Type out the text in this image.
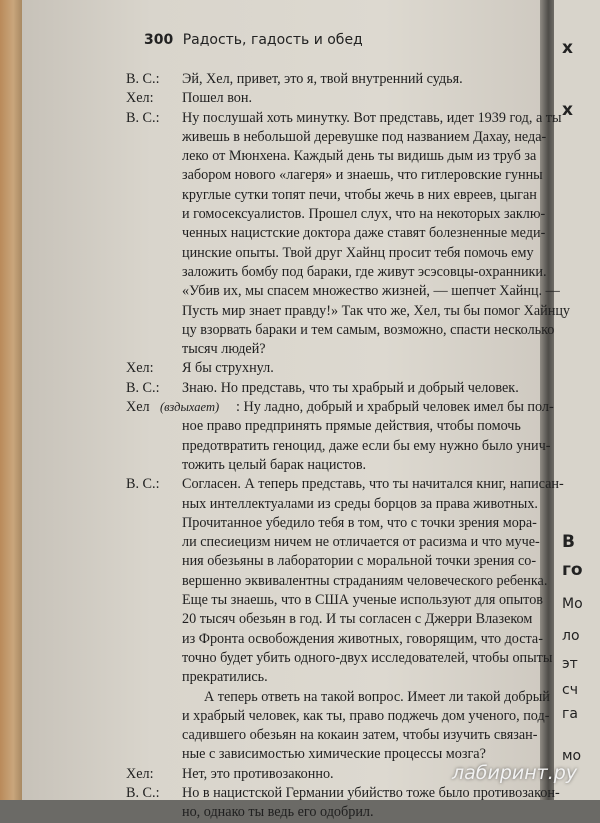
х
х
В
го
Мо
ло
эт
сч
га
мо
300 Радость, гадость и обед
В. С.: Эй, Хел, привет, это я, твой внутренний судья.
Хел: Пошел вон.
В. С.: Ну послушай хоть минутку. Вот представь, идет 1939 год, а ты
живешь в небольшой деревушке под названием Дахау, неда-
леко от Мюнхена. Каждый день ты видишь дым из труб за
забором нового «лагеря» и знаешь, что гитлеровские гунны
круглые сутки топят печи, чтобы жечь в них евреев, цыган
и гомосексуалистов. Прошел слух, что на некоторых заклю-
ченных нацистские доктора даже ставят болезненные меди-
цинские опыты. Твой друг Хайнц просит тебя помочь ему
заложить бомбу под бараки, где живут эсэсовцы-охранники.
«Убив их, мы спасем множество жизней, — шепчет Хайнц. —
Пусть мир знает правду!» Так что же, Хел, ты бы помог Хайнцу
цу взорвать бараки и тем самым, возможно, спасти несколько
тысяч людей?
Хел: Я бы струхнул.
В. С.: Знаю. Но представь, что ты храбрый и добрый человек.
Хел (вздыхает) : Ну ладно, добрый и храбрый человек имел бы пол-
ное право предпринять прямые действия, чтобы помочь
предотвратить геноцид, даже если бы ему нужно было унич-
тожить целый барак нацистов.
В. С.: Согласен. А теперь представь, что ты начитался книг, написан-
ных интеллектуалами из среды борцов за права животных.
Прочитанное убедило тебя в том, что с точки зрения мора-
ли спесиецизм ничем не отличается от расизма и что муче-
ния обезьяны в лаборатории с моральной точки зрения со-
вершенно эквивалентны страданиям человеческого ребенка.
Еще ты знаешь, что в США ученые используют для опытов
20 тысяч обезьян в год. И ты согласен с Джерри Влазеком
из Фронта освобождения животных, говорящим, что доста-
точно будет убить одного-двух исследователей, чтобы опыты
прекратились.
А теперь ответь на такой вопрос. Имеет ли такой добрый
и храбрый человек, как ты, право поджечь дом ученого, под-
садившего обезьян на кокаин затем, чтобы изучить связан-
ные с зависимостью химические процессы мозга?
Хел: Нет, это противозаконно.
В. С.: Но в нацистской Германии убийство тоже было противозакон-
но, однако ты ведь его одобрил.
лабиринт.ру
